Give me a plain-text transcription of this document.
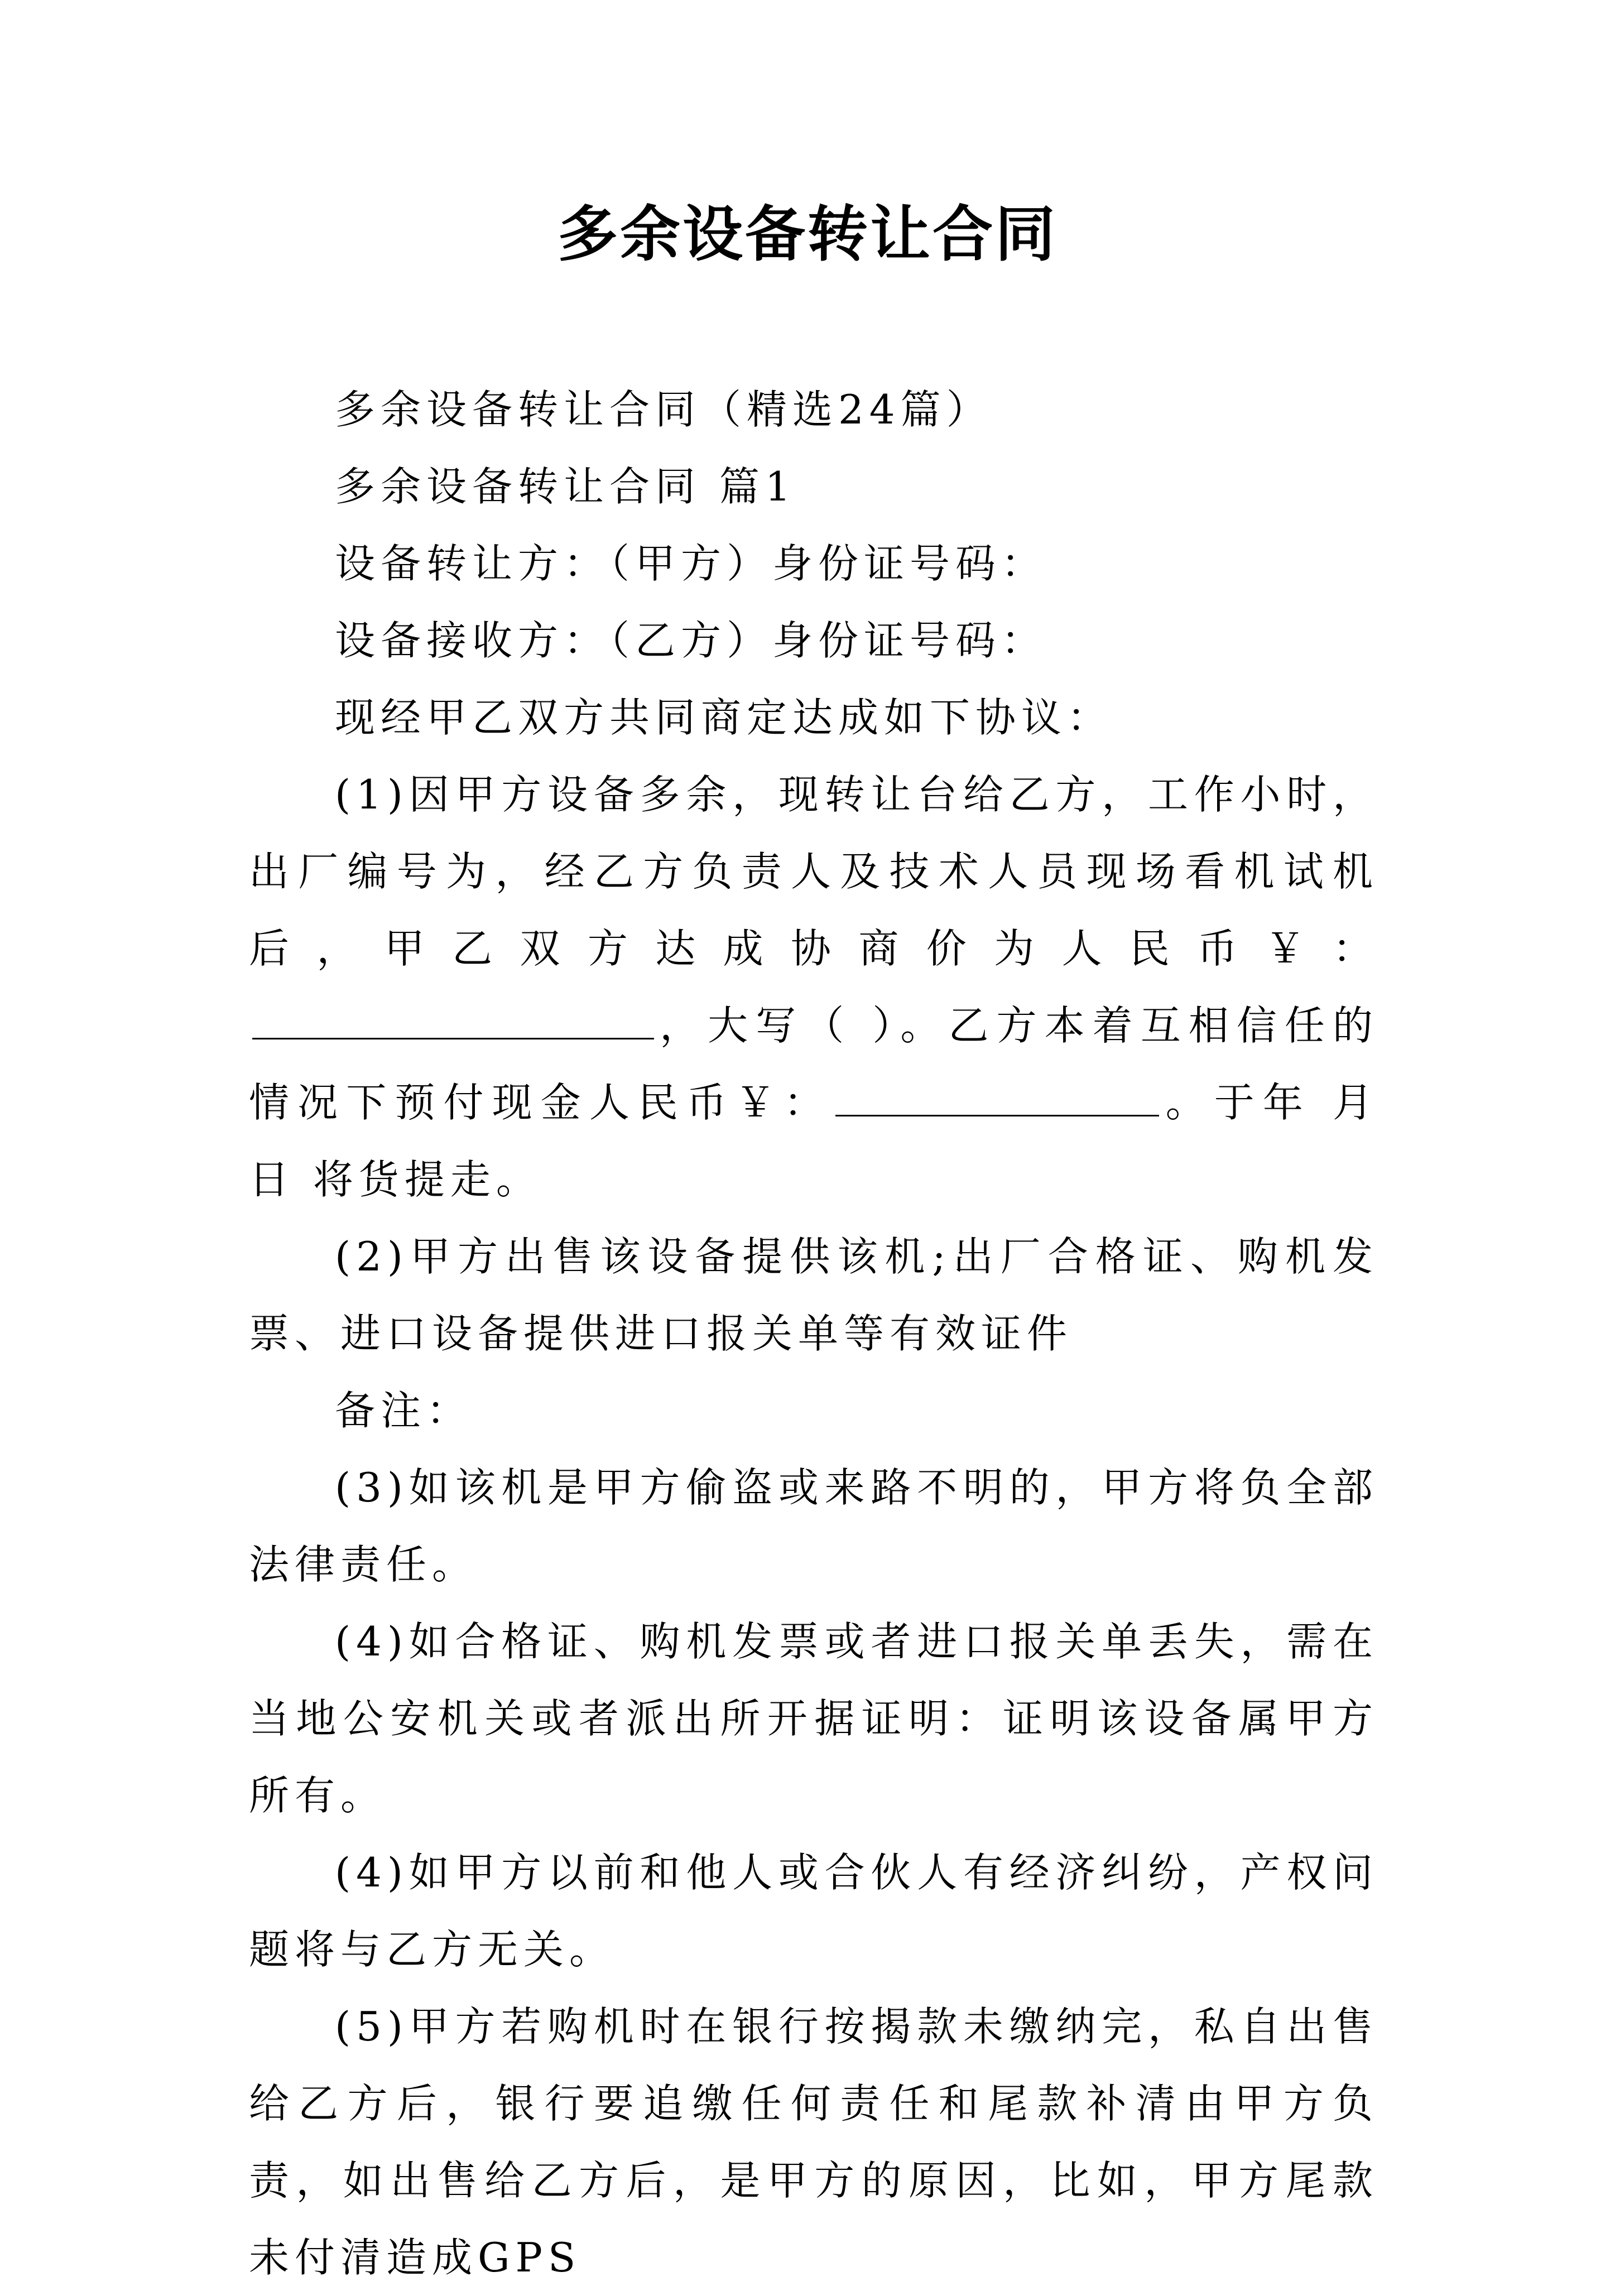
多余设备转让合同

多余设备转让合同（精选24篇）

多余设备转让合同 篇1

设备转让方：（甲方）身份证号码：

设备接收方：（乙方）身份证号码：

现经甲乙双方共同商定达成如下协议：

(1)因甲方设备多余，现转让台给乙方，工作小时，出厂编号为，经乙方负责人及技术人员现场看机试机后，甲乙双方达成协商价为人民币￥：，大写（ ）。乙方本着互相信任的情况下预付现金人民币￥：	。于年 月 日 将货提走。

(2)甲方出售该设备提供该机;出厂合格证、购机发票、进口设备提供进口报关单等有效证件

备注：

(3)如该机是甲方偷盗或来路不明的，甲方将负全部法律责任。

(4)如合格证、购机发票或者进口报关单丢失，需在当地公安机关或者派出所开据证明：证明该设备属甲方所有。

(4)如甲方以前和他人或合伙人有经济纠纷，产权问题将与乙方无关。

(5)甲方若购机时在银行按揭款未缴纳完，私自出售给乙方后，银行要追缴任何责任和尾款补清由甲方负责，如出售给乙方后，是甲方的原因，比如，甲方尾款未付清造成GPS
